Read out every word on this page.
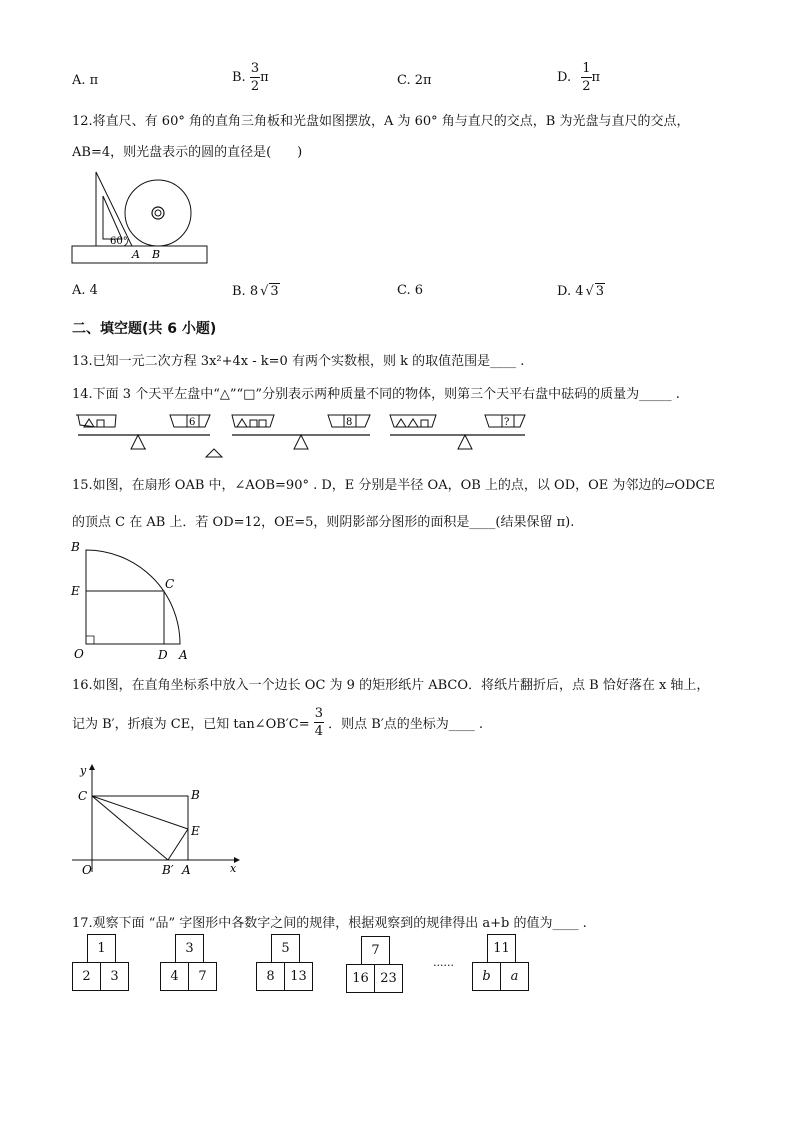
A. π	B. $\frac{3}{2}$ π	C. 2π	D. $\frac{1}{2}$ π
12.将直尺、有 60° 角的直角三角板和光盘如图摆放，A 为 60° 角与直尺的交点，B 为光盘与直尺的交点，
AB=4，则光盘表示的圆的直径是(　　)
60°
A B
A. 4	B. 8 √ 3	C. 6	D. 4 √ 3
二、填空题(共 6 小题)
13.已知一元二次方程 3x²+4x - k=0 有两个实数根，则 k 的取值范围是____ .
14.下面 3 个天平左盘中“△”“□”分别表示两种质量不同的物体，则第三个天平右盘中砝码的质量为_____ .
6	8	?
15.如图，在扇形 OAB 中，∠AOB=90° . D，E 分别是半径 OA，OB 上的点，以 OD，OE 为邻边的▱ODCE
的顶点 C 在 AB 上．若 OD=12，OE=5，则阴影部分图形的面积是____(结果保留 π).
B
E	C
O	D A
16.如图，在直角坐标系中放入一个边长 OC 为 9 的矩形纸片 ABCO．将纸片翻折后，点 B 恰好落在 x 轴上，
记为 B′，折痕为 CE，已知 tan∠OB′C= $\frac{3}{4}$ ．则点 B′点的坐标为____ .
y
C	B
E
O	B′ A	x
17.观察下面 “品” 字图形中各数字之间的规律，根据观察到的规律得出 a+b 的值为____ .
1
2	3
3
4	7
5
8	13
7
16 23
......
11
b	a
